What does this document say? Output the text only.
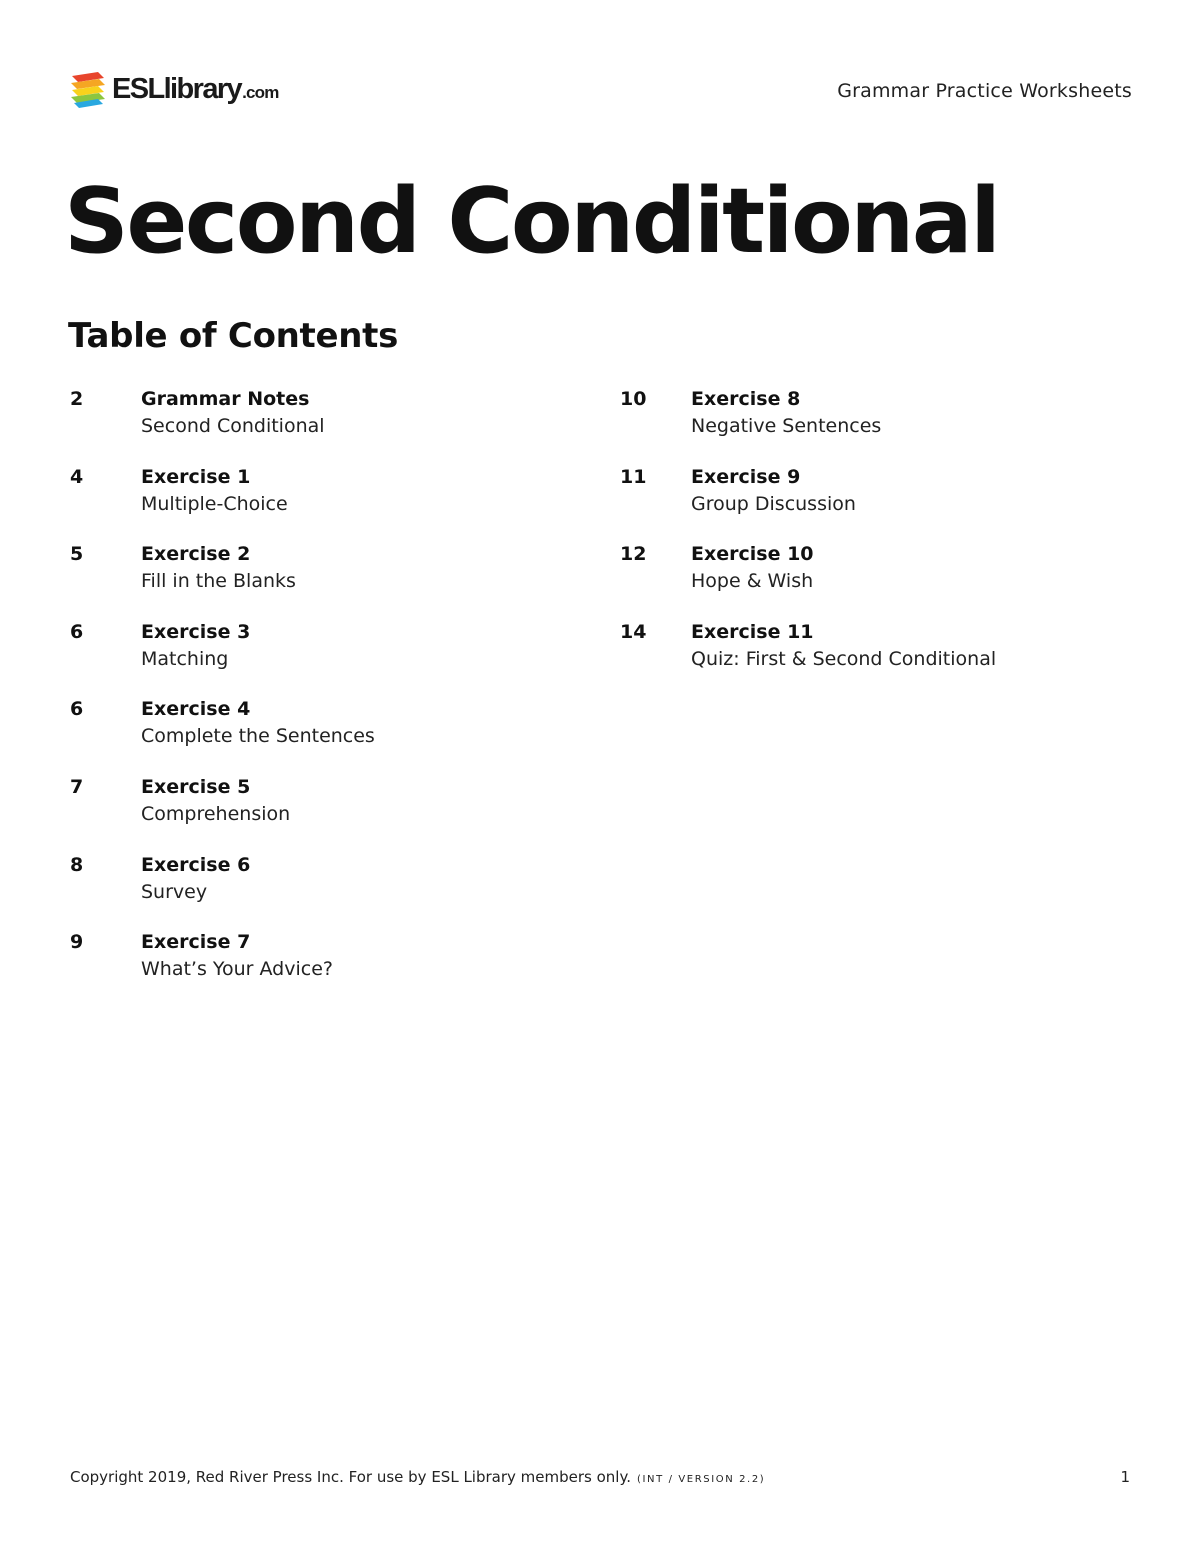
ESLlibrary .com	Grammar Practice Worksheets
Second Conditional
Table of Contents
2	Grammar Notes
Second Conditional
4	Exercise 1
Multiple-Choice
5	Exercise 2
Fill in the Blanks
6	Exercise 3
Matching
6	Exercise 4
Complete the Sentences
7	Exercise 5
Comprehension
8	Exercise 6
Survey
9	Exercise 7
What’s Your Advice?
10 Exercise 8
Negative Sentences
11 Exercise 9
Group Discussion
12 Exercise 10
Hope & Wish
14 Exercise 11
Quiz: First & Second Conditional
Copyright 2019, Red River Press Inc. For use by ESL Library members only. (INT / VERSION 2.2)	1
